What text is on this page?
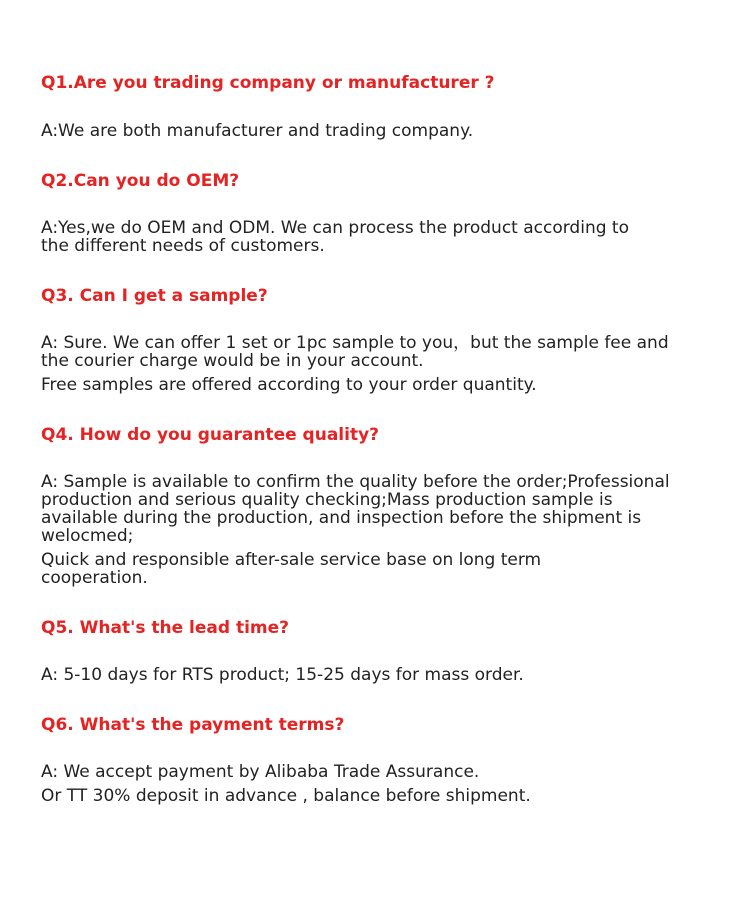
Q1.Are you trading company or manufacturer ?
A:We are both manufacturer and trading company.
Q2.Can you do OEM?
A:Yes,we do OEM and ODM. We can process the product according to
the different needs of customers.
Q3. Can I get a sample?
A: Sure. We can offer 1 set or 1pc sample to you，but the sample fee and
the courier charge would be in your account.
Free samples are offered according to your order quantity.
Q4. How do you guarantee quality?
A: Sample is available to confirm the quality before the order;Professional
production and serious quality checking;Mass production sample is
available during the production, and inspection before the shipment is
welocmed;
Quick and responsible after-sale service base on long term
cooperation.
Q5. What's the lead time?
A: 5-10 days for RTS product; 15-25 days for mass order.
Q6. What's the payment terms?
A: We accept payment by Alibaba Trade Assurance.
Or TT 30% deposit in advance , balance before shipment.
